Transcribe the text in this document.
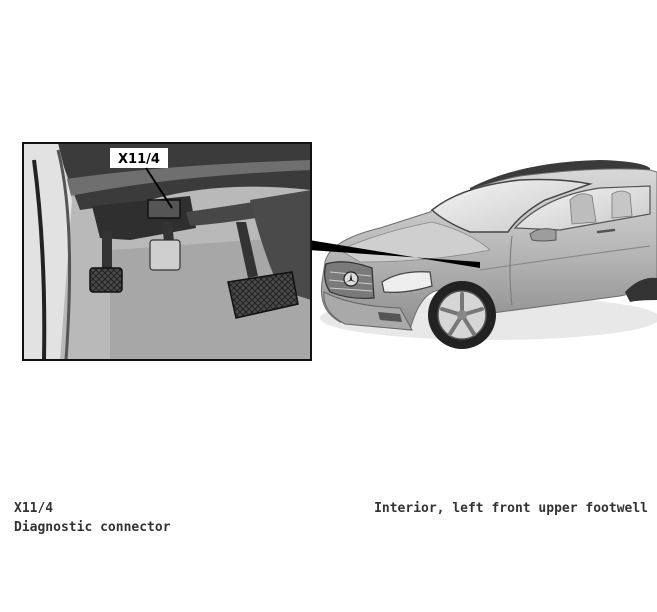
X11/4
X11/4
Diagnostic connector
Interior, left front upper footwell
